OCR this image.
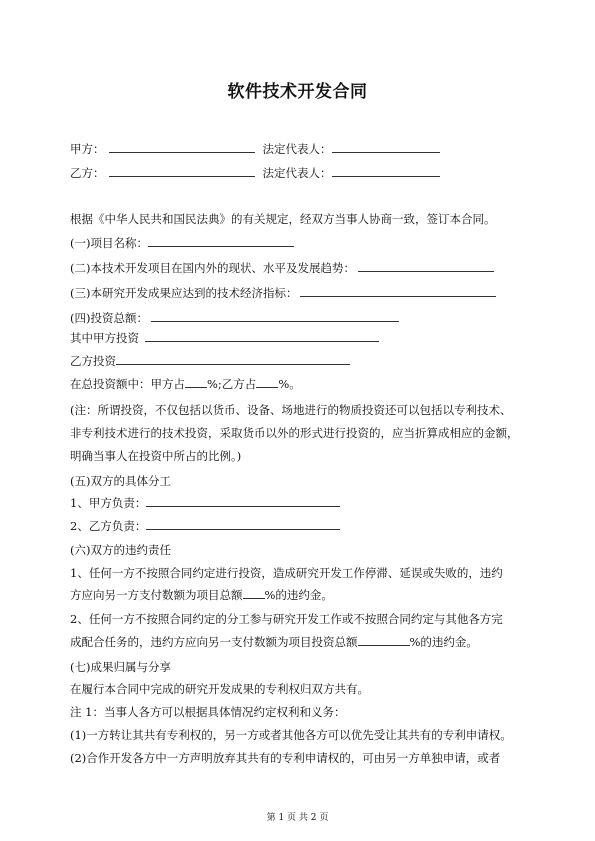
软件技术开发合同
甲方：	法定代表人：
乙方：	法定代表人：
根据《中华人民共和国民法典》的有关规定，经双方当事人协商一致，签订本合同。
(一)项目名称：
(二)本技术开发项目在国内外的现状、水平及发展趋势：
(三)本研究开发成果应达到的技术经济指标：
(四)投资总额：
其中甲方投资
乙方投资
在总投资额中：甲方占 %;乙方占 %。
(注：所谓投资，不仅包括以货币、设备、场地进行的物质投资还可以包括以专利技术、
非专利技术进行的技术投资，采取货币以外的形式进行投资的，应当折算成相应的金额，
明确当事人在投资中所占的比例。)
(五)双方的具体分工
1、甲方负责：
2、乙方负责：
(六)双方的违约责任
1、任何一方不按照合同约定进行投资，造成研究开发工作停滞、延误或失败的，违约
方应向另一方支付数额为项目总额 %的违约金。
2、任何一方不按照合同约定的分工参与研究开发工作或不按照合同约定与其他各方完
成配合任务的，违约方应向另一支付数额为项目投资总额	%的违约金。
(七)成果归属与分享
在履行本合同中完成的研究开发成果的专利权归双方共有。
注 1：当事人各方可以根据具体情况约定权利和义务：
(1)一方转让其共有专利权的，另一方或者其他各方可以优先受让其共有的专利申请权。
(2)合作开发各方中一方声明放弃其共有的专利申请权的，可由另一方单独申请，或者
第 1 页 共 2 页
